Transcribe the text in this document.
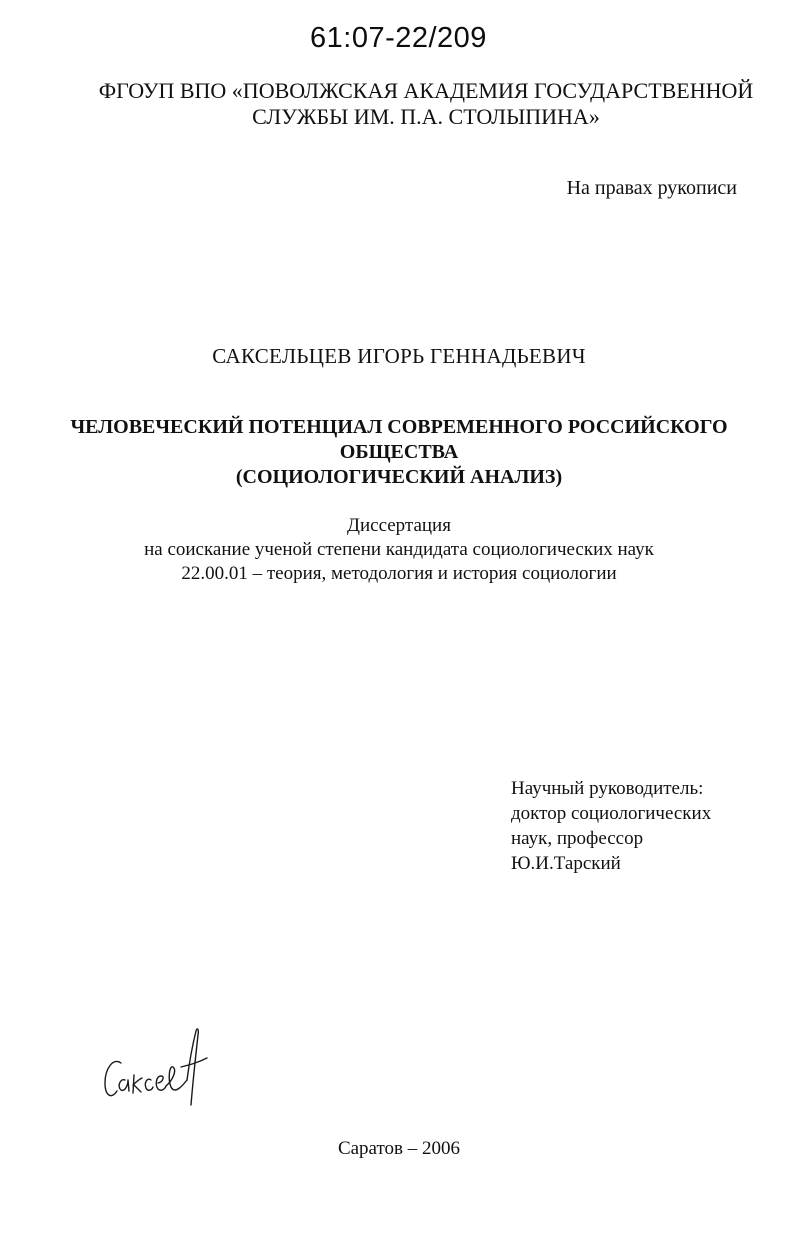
61:07-22/209
ФГОУП ВПО «ПОВОЛЖСКАЯ АКАДЕМИЯ ГОСУДАРСТВЕННОЙ
СЛУЖБЫ ИМ. П.А. СТОЛЫПИНА»
На правах рукописи
САКСЕЛЬЦЕВ ИГОРЬ ГЕННАДЬЕВИЧ
ЧЕЛОВЕЧЕСКИЙ ПОТЕНЦИАЛ СОВРЕМЕННОГО РОССИЙСКОГО
ОБЩЕСТВА
(СОЦИОЛОГИЧЕСКИЙ АНАЛИЗ)
Диссертация
на соискание ученой степени кандидата социологических наук
22.00.01 – теория, методология и история социологии
Научный руководитель:
доктор социологических
наук, профессор
Ю.И.Тарский
Саратов – 2006
